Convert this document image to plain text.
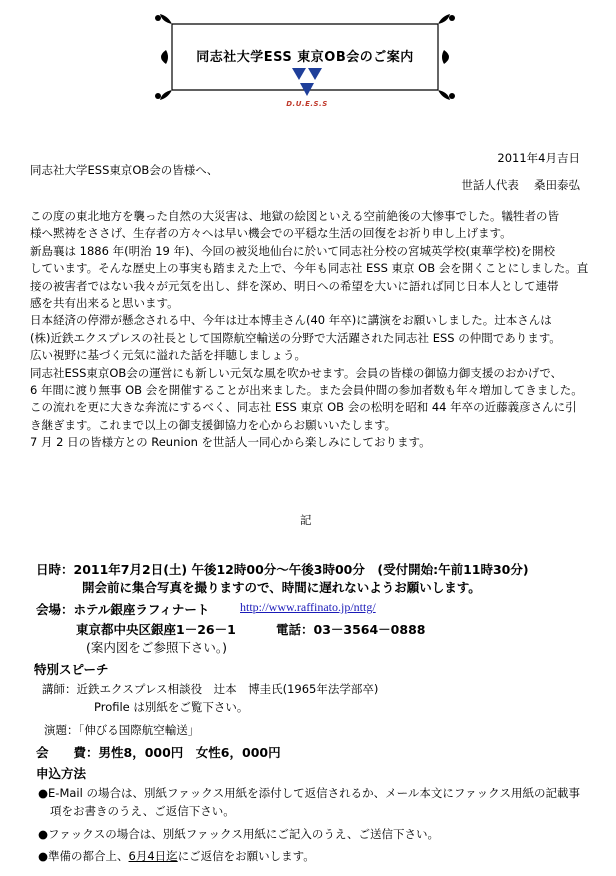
同志社大学ESS 東京OB会のご案内
D.U.E.S.S
2011年4月吉日
同志社大学ESS東京OB会の皆様へ、
世話人代表　 桑田泰弘

この度の東北地方を襲った自然の大災害は、地獄の絵図といえる空前絶後の大惨事でした。犠牲者の皆

様へ黙祷をささげ、生存者の方々へは早い機会での平穏な生活の回復をお祈り申し上げます。

新島襄は 1886 年(明治 19 年)、今回の被災地仙台に於いて同志社分校の宮城英学校(東華学校)を開校

しています。そんな歴史上の事実も踏まえた上で、今年も同志社 ESS 東京 OB 会を開くことにしました。直

接の被害者ではない我々が元気を出し、絆を深め、明日への希望を大いに語れば同じ日本人として連帯

感を共有出来ると思います。

日本経済の停滞が懸念される中、今年は辻本博圭さん(40 年卒)に講演をお願いしました。辻本さんは

(株)近鉄エクスプレスの社長として国際航空輸送の分野で大活躍された同志社 ESS の仲間であります。

広い視野に基づく元気に溢れた話を拝聴しましょう。

同志社ESS東京OB会の運営にも新しい元気な風を吹かせます。会員の皆様の御協力御支援のおかげで、

6 年間に渡り無事 OB 会を開催することが出来ました。また会員仲間の参加者数も年々増加してきました。

この流れを更に大きな奔流にするべく、同志社 ESS 東京 OB 会の松明を昭和 44 年卒の近藤義彦さんに引

き継ぎます。これまで以上の御支援御協力を心からお願いいたします。

7 月 2 日の皆様方との Reunion を世話人一同心から楽しみにしております。

記
日時：2011年7月2日(土) 午後12時00分～午後3時00分　(受付開始:午前11時30分)
開会前に集合写真を撮りますので、時間に遅れないようお願いします。
会場：ホテル銀座ラフィナート	http://www.raffinato.jp/nttg/
東京都中央区銀座1－26－1	電話：03－3564－0888
(案内図をご参照下さい。)
特別スピーチ
講師：近鉄エクスプレス相談役　辻本　博圭氏(1965年法学部卒)
Profile は別紙をご覧下さい。
演題：「伸びる国際航空輸送」
会　　費：男性8，000円　女性6，000円
申込方法
●E-Mail の場合は、別紙ファックス用紙を添付して返信されるか、メール本文にファックス用紙の記載事
項をお書きのうえ、ご返信下さい。
●ファックスの場合は、別紙ファックス用紙にご記入のうえ、ご送信下さい。
●準備の都合上、6月4日迄にご返信をお願いします。
